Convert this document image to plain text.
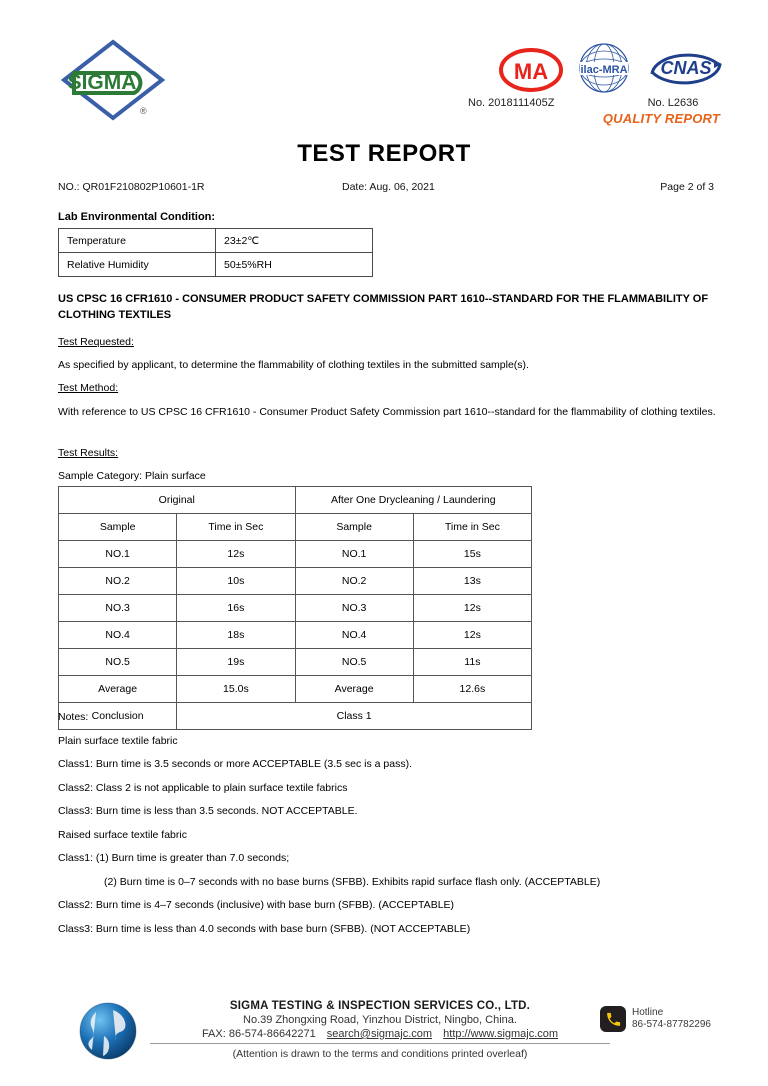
SIGMA
®
MA	ilac-MRA CNAS
No. 2018111405Z	No. L2636
QUALITY REPORT
TEST REPORT
NO.: QR01F210802P10601-1R	Date: Aug. 06, 2021	Page 2 of 3
Lab Environmental Condition:
Temperature	23±2℃
Relative Humidity	50±5%RH
US CPSC 16 CFR1610 - CONSUMER PRODUCT SAFETY COMMISSION PART 1610--STANDARD FOR THE FLAMMABILITY OF CLOTHING TEXTILES
Test Requested:
As specified by applicant, to determine the flammability of clothing textiles in the submitted sample(s).
Test Method:
With reference to US CPSC 16 CFR1610 - Consumer Product Safety Commission part 1610--standard for the flammability of clothing textiles.
Test Results:
Sample Category: Plain surface
Original		After One Drycleaning / Laundering	
Sample	Time in Sec	Sample	Time in Sec
NO.1	12s	NO.1	15s
NO.2	10s	NO.2	13s
NO.3	16s	NO.3	12s
NO.4	18s	NO.4	12s
NO.5	19s	NO.5	11s
Average	15.0s	Average	12.6s
Conclusion	Class 1		
Notes:
Plain surface textile fabric
Class1: Burn time is 3.5 seconds or more ACCEPTABLE (3.5 sec is a pass).
Class2: Class 2 is not applicable to plain surface textile fabrics
Class3: Burn time is less than 3.5 seconds. NOT ACCEPTABLE.
Raised surface textile fabric
Class1: (1) Burn time is greater than 7.0 seconds;
(2) Burn time is 0–7 seconds with no base burns (SFBB). Exhibits rapid surface flash only. (ACCEPTABLE)
Class2: Burn time is 4–7 seconds (inclusive) with base burn (SFBB). (ACCEPTABLE)
Class3: Burn time is less than 4.0 seconds with base burn (SFBB). (NOT ACCEPTABLE)
SIGMA TESTING & INSPECTION SERVICES CO., LTD.
No.39 Zhongxing Road, Yinzhou District, Ningbo, China.
FAX: 86-574-86642271 search@sigmajc.com http://www.sigmajc.com
(Attention is drawn to the terms and conditions printed overleaf)
Hotline
86-574-87782296
